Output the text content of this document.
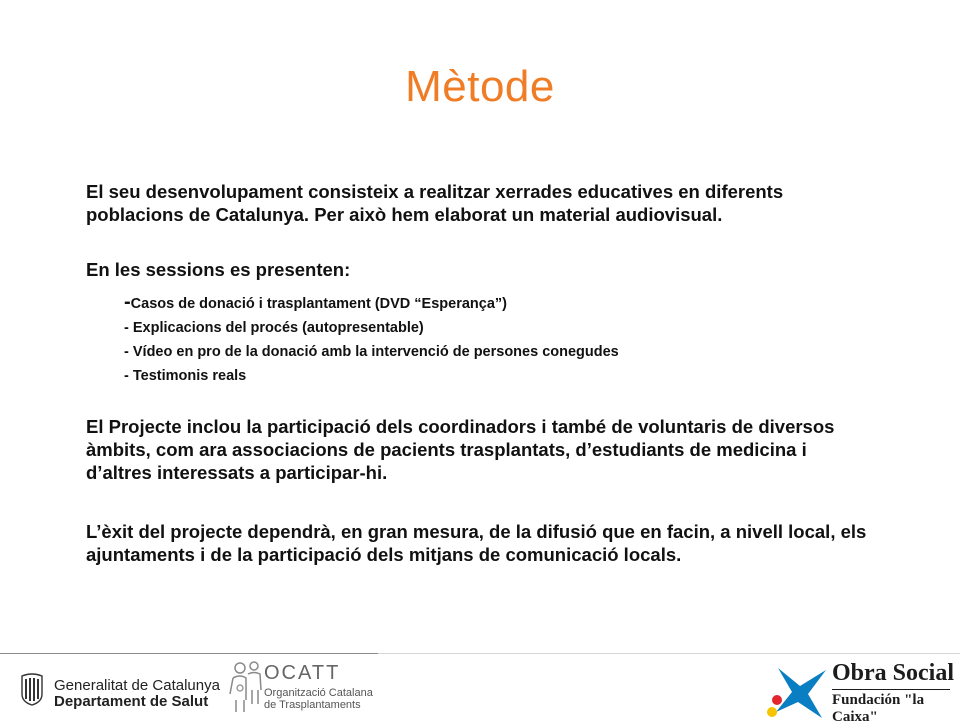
Mètode
El seu desenvolupament consisteix a realitzar xerrades educatives en diferents poblacions de Catalunya. Per això hem elaborat un material audiovisual.
En les sessions es presenten:
-Casos de donació i trasplantament (DVD “Esperança”)
- Explicacions del procés (autopresentable)
- Vídeo en pro de la donació amb la intervenció de persones conegudes
- Testimonis reals
El Projecte inclou la participació dels coordinadors i també de voluntaris de diversos àmbits, com ara associacions de pacients trasplantats, d’estudiants de medicina i d’altres interessats a participar-hi.
L’èxit del projecte dependrà, en gran mesura, de la difusió que en facin, a nivell local, els ajuntaments i de la participació dels mitjans de comunicació locals.
Generalitat de Catalunya
Departament de Salut
OCATT
Organització Catalana
de Trasplantaments
Obra Social
Fundación "la Caixa"
